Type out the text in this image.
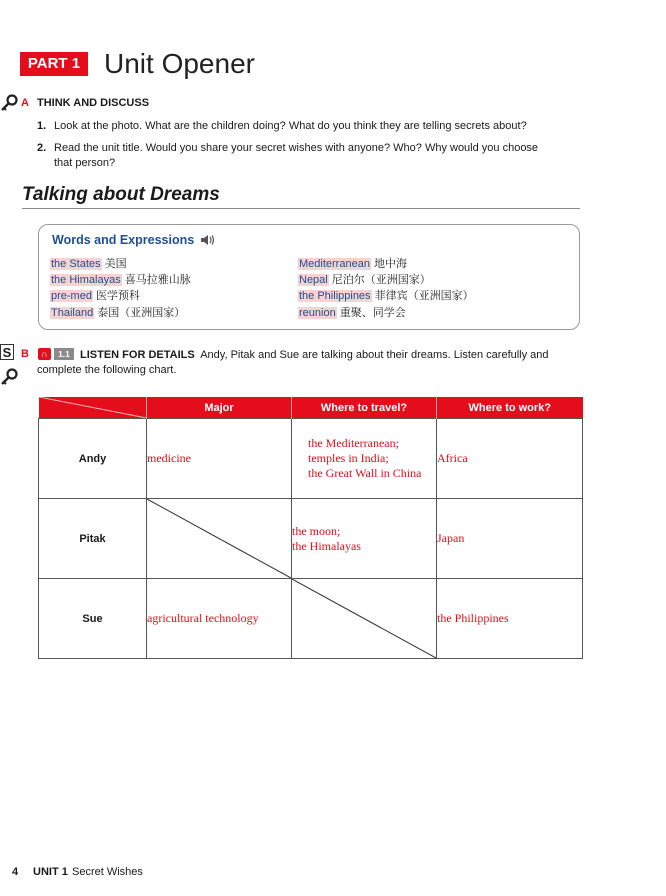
PART 1 Unit Opener
A THINK AND DISCUSS
1. Look at the photo. What are the children doing? What do you think they are telling secrets about?
2. Read the unit title. Would you share your secret wishes with anyone? Who? Why would you choose
that person?
Talking about Dreams
Words and Expressions
the States 美国
the Himalayas 喜马拉雅山脉
pre-med 医学预科
Thailand 泰国（亚洲国家）
Mediterranean 地中海
Nepal 尼泊尔（亚洲国家）
the Philippines 菲律宾（亚洲国家）
reunion 重聚、同学会
S B	∩	1.1 LISTEN FOR DETAILS Andy, Pitak and Sue are talking about their dreams. Listen carefully and
complete the following chart.
	Major	Where to travel?	Where to work?
Andy	medicine	the Mediterranean;
temples in India;
the Great Wall in China	Africa
Pitak		the moon;
the Himalayas	Japan
Sue	agricultural technology		the Philippines
4 UNIT 1 Secret Wishes
